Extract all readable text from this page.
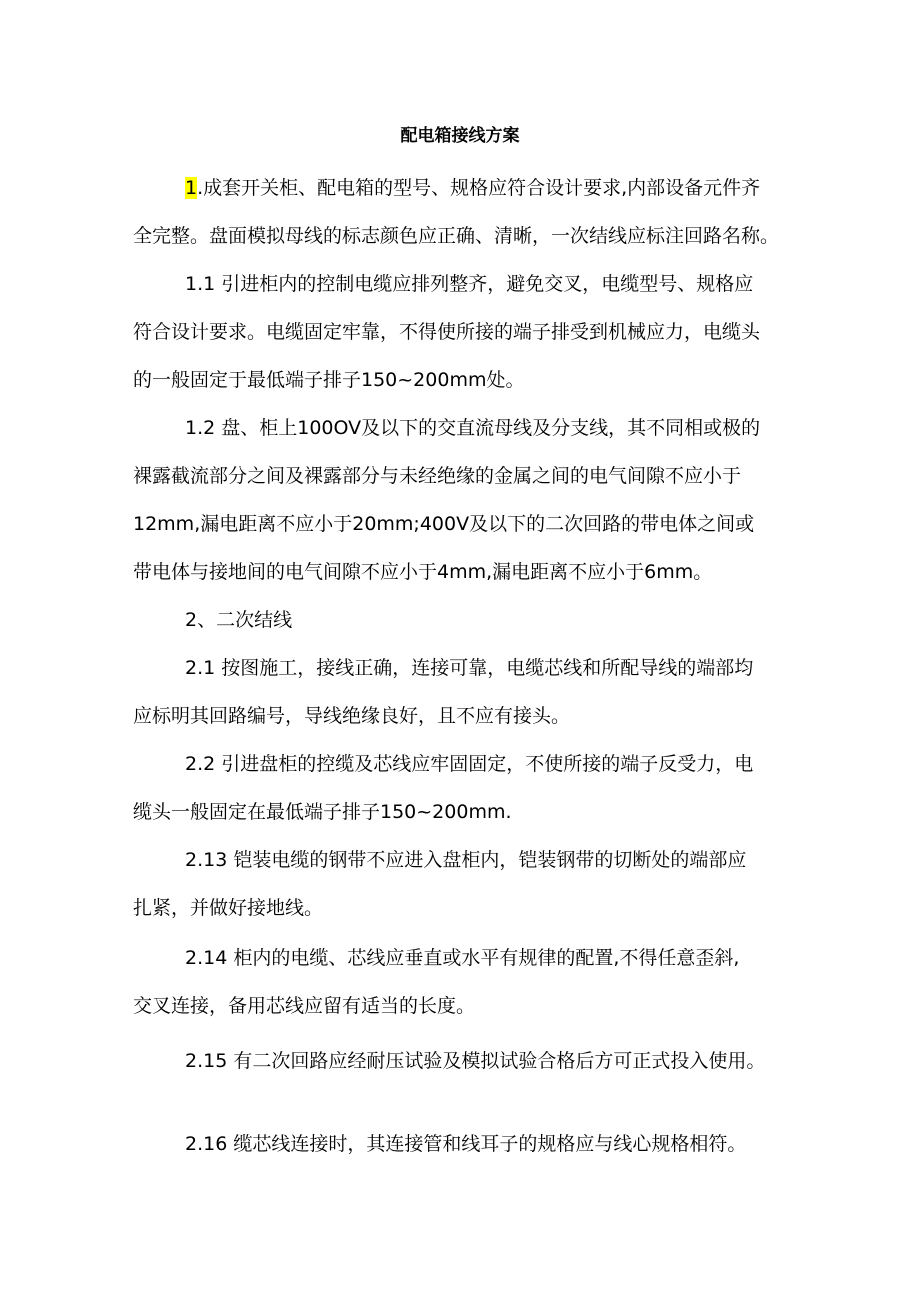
配电箱接线方案
1.成套开关柜、配电箱的型号、规格应符合设计要求,内部设备元件齐
全完整。盘面模拟母线的标志颜色应正确、清晰，一次结线应标注回路名称。
1.1 引进柜内的控制电缆应排列整齐，避免交叉，电缆型号、规格应
符合设计要求。电缆固定牢靠，不得使所接的端子排受到机械应力，电缆头
的一般固定于最低端子排子150~200mm处。
1.2 盘、柜上100OV及以下的交直流母线及分支线，其不同相或极的
裸露截流部分之间及裸露部分与未经绝缘的金属之间的电气间隙不应小于
12mm,漏电距离不应小于20mm;400V及以下的二次回路的带电体之间或
带电体与接地间的电气间隙不应小于4mm,漏电距离不应小于6mm。
2、二次结线
2.1 按图施工，接线正确，连接可靠，电缆芯线和所配导线的端部均
应标明其回路编号，导线绝缘良好，且不应有接头。
2.2 引进盘柜的控缆及芯线应牢固固定，不使所接的端子反受力，电
缆头一般固定在最低端子排子150~200mm.
2.13 铠装电缆的钢带不应进入盘柜内，铠装钢带的切断处的端部应
扎紧，并做好接地线。
2.14 柜内的电缆、芯线应垂直或水平有规律的配置,不得任意歪斜,
交叉连接，备用芯线应留有适当的长度。
2.15 有二次回路应经耐压试验及模拟试验合格后方可正式投入使用。
2.16 缆芯线连接时，其连接管和线耳子的规格应与线心规格相符。
